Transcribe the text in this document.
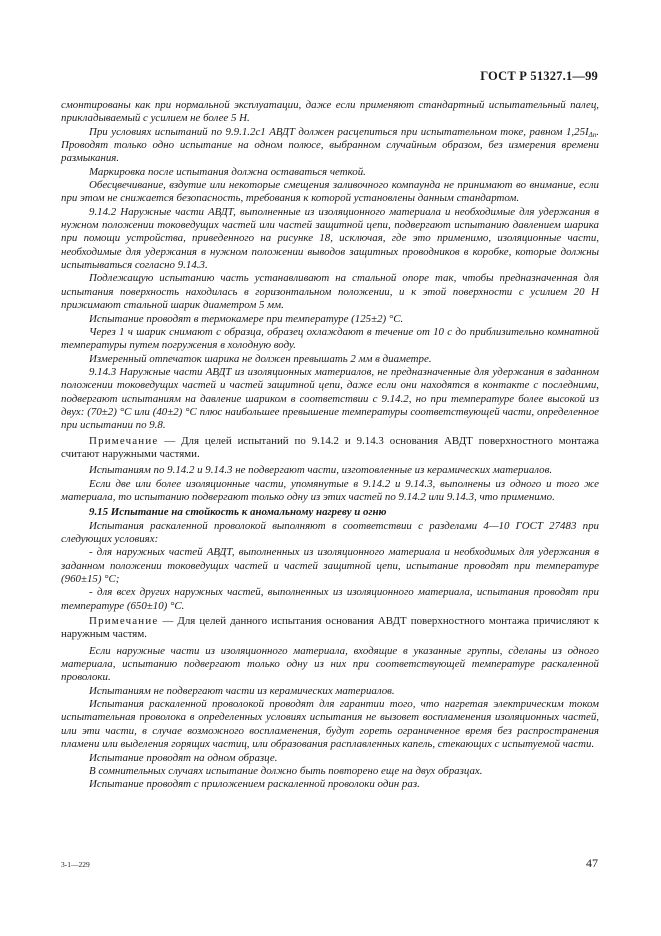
ГОСТ Р 51327.1—99

смонтированы как при нормальной эксплуатации, даже если применяют стандартный испытательный палец, прикладываемый с усилием не более 5 Н.

При условиях испытаний по 9.9.1.2с1 АВДТ должен расцепиться при испытательном токе, равном $1,25I_{\Delta n}$. Проводят только одно испытание на одном полюсе, выбранном случайным образом, без измерения времени размыкания.

Маркировка после испытания должна оставаться четкой.

Обесцвечивание, вздутие или некоторые смещения заливочного компаунда не принимают во внимание, если при этом не снижается безопасность, требования к которой установлены данным стандартом.

9.14.2 Наружные части АВДТ, выполненные из изоляционного материала и необходимые для удержания в нужном положении токоведущих частей или частей защитной цепи, подвергают испытанию давлением шарика при помощи устройства, приведенного на рисунке 18, исключая, где это применимо, изоляционные части, необходимые для удержания в нужном положении выводов защитных проводников в коробке, которые должны испытываться согласно 9.14.3.

Подлежащую испытанию часть устанавливают на стальной опоре так, чтобы предназначенная для испытания поверхность находилась в горизонтальном положении, и к этой поверхности с усилием 20 Н прижимают стальной шарик диаметром 5 мм.

Испытание проводят в термокамере при температуре (125±2) °С.

Через 1 ч шарик снимают с образца, образец охлаждают в течение от 10 с до приблизительно комнатной температуры путем погружения в холодную воду.

Измеренный отпечаток шарика не должен превышать 2 мм в диаметре.

9.14.3 Наружные части АВДТ из изоляционных материалов, не предназначенные для удержания в заданном положении токоведущих частей и частей защитной цепи, даже если они находятся в контакте с последними, подвергают испытаниям на давление шариком в соответствии с 9.14.2, но при температуре более высокой из двух: (70±2) °С или (40±2) °С плюс наибольшее превышение температуры соответствующей части, определенное при испытании по 9.8.

Примечание — Для целей испытаний по 9.14.2 и 9.14.3 основания АВДТ поверхностного монтажа считают наружными частями.

Испытаниям по 9.14.2 и 9.14.3 не подвергают части, изготовленные из керамических материалов.

Если две или более изоляционные части, упомянутые в 9.14.2 и 9.14.3, выполнены из одного и того же материала, то испытанию подвергают только одну из этих частей по 9.14.2 или 9.14.3, что применимо.

9.15 Испытание на стойкость к аномальному нагреву и огню

Испытания раскаленной проволокой выполняют в соответствии с разделами 4—10 ГОСТ 27483 при следующих условиях:

- для наружных частей АВДТ, выполненных из изоляционного материала и необходимых для удержания в заданном положении токоведущих частей и частей защитной цепи, испытание проводят при температуре (960±15) °С;

- для всех других наружных частей, выполненных из изоляционного материала, испытания проводят при температуре (650±10) °С.

Примечание — Для целей данного испытания основания АВДТ поверхностного монтажа причисляют к наружным частям.

Если наружные части из изоляционного материала, входящие в указанные группы, сделаны из одного материала, испытанию подвергают только одну из них при соответствующей температуре раскаленной проволоки.

Испытаниям не подвергают части из керамических материалов.

Испытания раскаленной проволокой проводят для гарантии того, что нагретая электрическим током испытательная проволока в определенных условиях испытания не вызовет воспламенения изоляционных частей, или эти части, в случае возможного воспламенения, будут гореть ограниченное время без распространения пламени или выделения горящих частиц, или образования расплавленных капель, стекающих с испытуемой части.

Испытание проводят на одном образце.

В сомнительных случаях испытание должно быть повторено еще на двух образцах.

Испытание проводят с приложением раскаленной проволоки один раз.

3-1—229	47
